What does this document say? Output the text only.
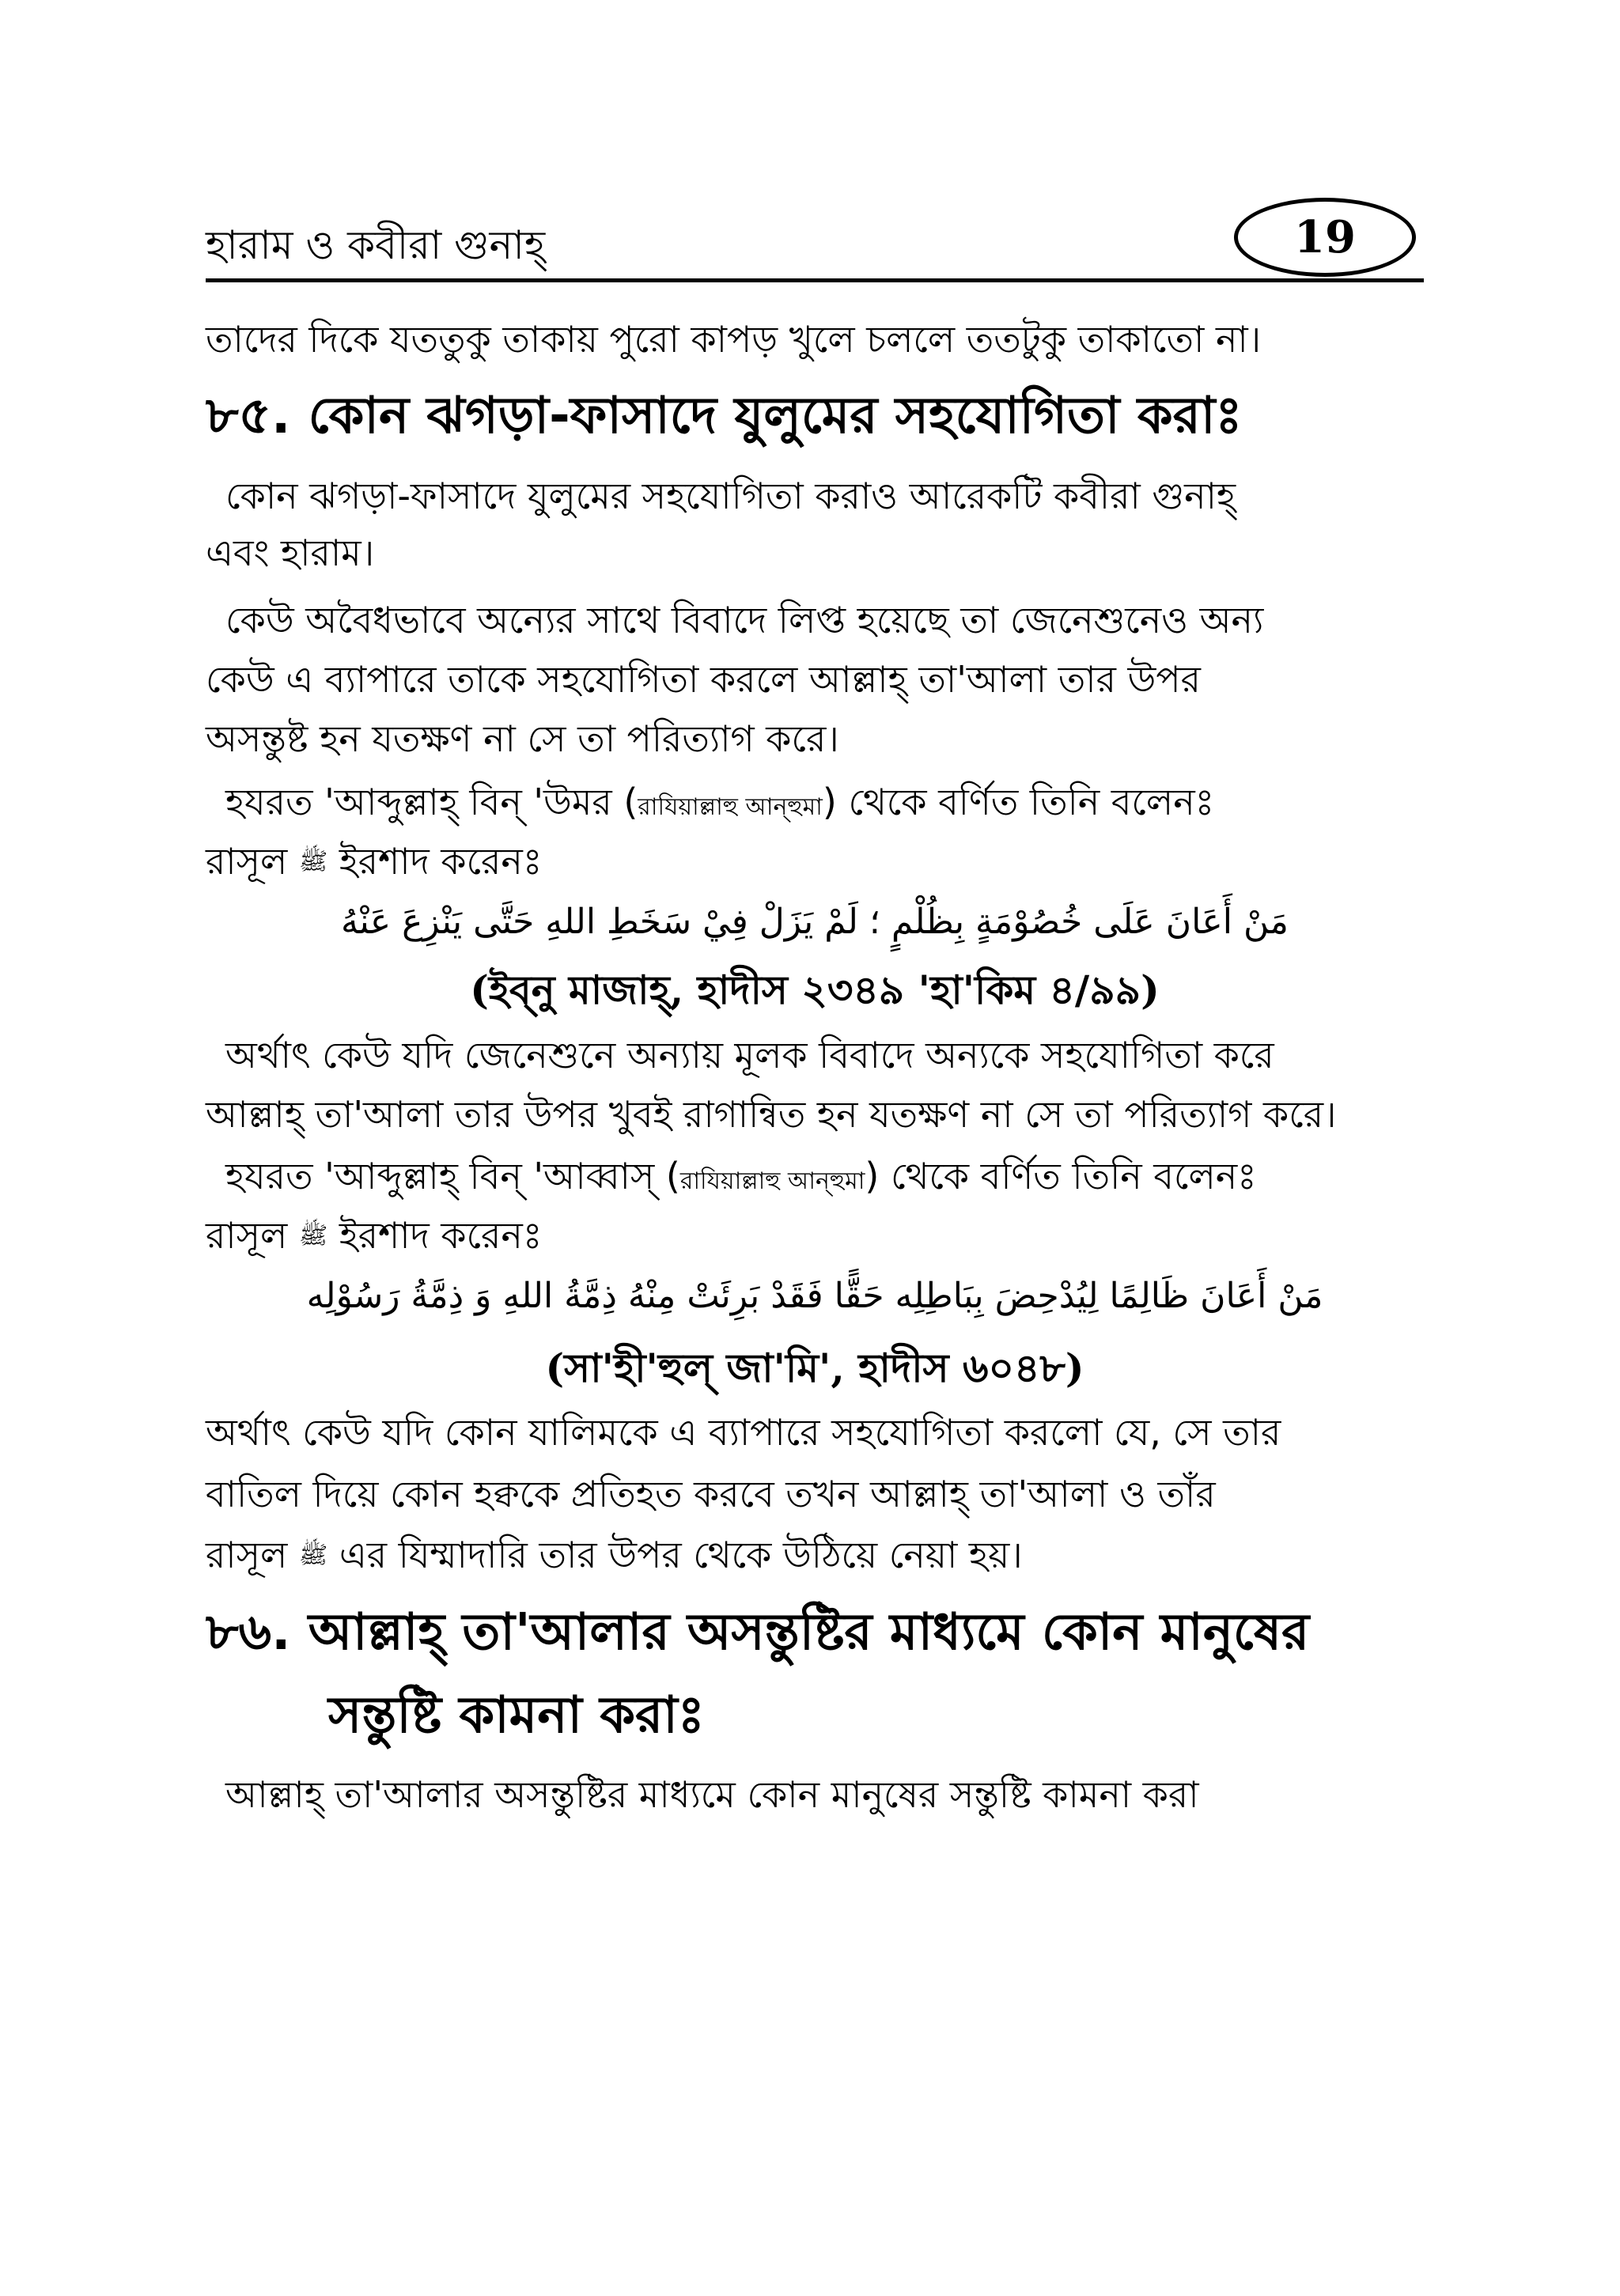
হারাম ও কবীরা গুনাহ্	19
তাদের দিকে যততুকু তাকায় পুরো কাপড় খুলে চললে ততটুকু তাকাতো না।
৮৫. কোন ঝগড়া-ফাসাদে যুলুমের সহযোগিতা করাঃ
কোন ঝগড়া-ফাসাদে যুলুমের সহযোগিতা করাও আরেকটি কবীরা গুনাহ্
এবং হারাম।
কেউ অবৈধভাবে অন্যের সাথে বিবাদে লিপ্ত হয়েছে তা জেনেশুনেও অন্য
কেউ এ ব্যাপারে তাকে সহযোগিতা করলে আল্লাহ্ তা'আলা তার উপর
অসন্তুষ্ট হন যতক্ষণ না সে তা পরিত্যাগ করে।
হযরত 'আব্দুল্লাহ্ বিন্ 'উমর (রাযিয়াল্লাহু আন্হুমা) থেকে বর্ণিত তিনি বলেনঃ
রাসূল ﷺ ইরশাদ করেনঃ
مَنْ أَعَانَ عَلَى خُصُوْمَةٍ بِظُلْمٍ ؛ لَمْ يَزَلْ فِيْ سَخَطِ اللهِ حَتَّى يَنْزِعَ عَنْهُ
(ইব্নু মাজাহ্, হাদীস ২৩৪৯ 'হা'কিম ৪/৯৯)
অর্থাৎ কেউ যদি জেনেশুনে অন্যায় মূলক বিবাদে অন্যকে সহযোগিতা করে
আল্লাহ্ তা'আলা তার উপর খুবই রাগান্বিত হন যতক্ষণ না সে তা পরিত্যাগ করে।
হযরত 'আব্দুল্লাহ্ বিন্ 'আব্বাস্ (রাযিয়াল্লাহু আন্হুমা) থেকে বর্ণিত তিনি বলেনঃ
রাসূল ﷺ ইরশাদ করেনঃ
مَنْ أَعَانَ ظَالِمًا لِيُدْحِضَ بِبَاطِلِه حَقًّا فَقَدْ بَرِئَتْ مِنْهُ ذِمَّةُ اللهِ وَ ذِمَّةُ رَسُوْلِه
(সা'হী'হুল্ জা'মি', হাদীস ৬০৪৮)
অর্থাৎ কেউ যদি কোন যালিমকে এ ব্যাপারে সহযোগিতা করলো যে, সে তার
বাতিল দিয়ে কোন হক্বকে প্রতিহত করবে তখন আল্লাহ্ তা'আলা ও তাঁর
রাসূল ﷺ এর যিম্মাদারি তার উপর থেকে উঠিয়ে নেয়া হয়।
৮৬. আল্লাহ্ তা'আলার অসন্তুষ্টির মাধ্যমে কোন মানুষের
সন্তুষ্টি কামনা করাঃ
আল্লাহ্ তা'আলার অসন্তুষ্টির মাধ্যমে কোন মানুষের সন্তুষ্টি কামনা করা
